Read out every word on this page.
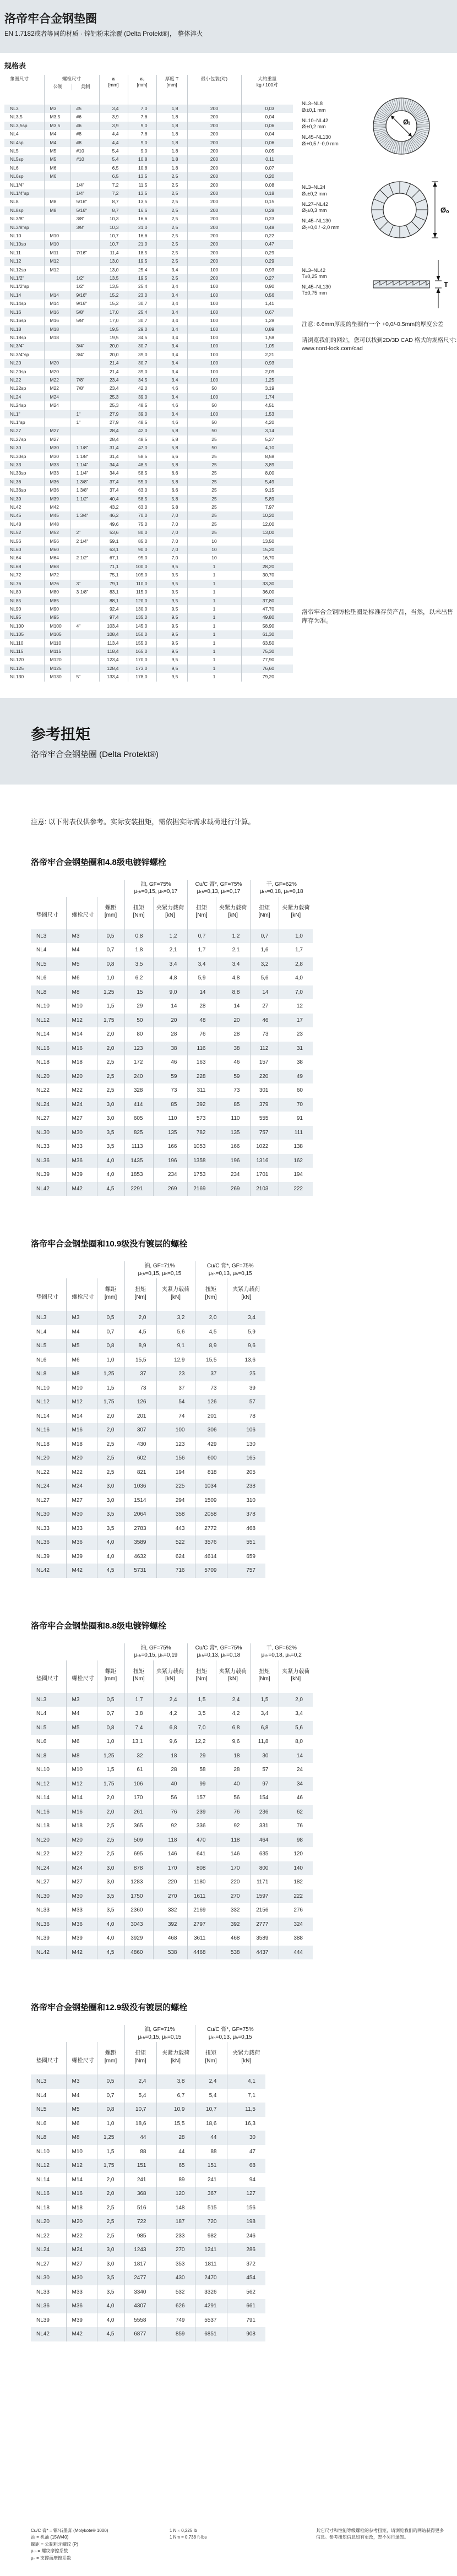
洛帝牢合金钢垫圈
EN 1.7182或者等同的材质 · 锌铝粉末涂覆 (Delta Protekt®)， 整体淬火
规格表
垫圈尺寸	螺栓尺寸
公制	美制

øᵢ
[mm]

øₒ
[mm]

厚度 T
[mm]
	最小包装(对)	大约重量
kg / 100对

NL3	M3	#5	3,4	7,0	1,8	200	0,03
NL3,5	M3,5	#6	3,9	7,6	1,8	200	0,04
NL3,5sp	M3,5	#6	3,9	9,0	1,8	200	0,06
NL4	M4	#8	4,4	7,6	1,8	200	0,04
NL4sp	M4	#8	4,4	9,0	1,8	200	0,06
NL5	M5	#10	5,4	9,0	1,8	200	0,05
NL5sp	M5	#10	5,4	10,8	1,8	200	0,11
NL6	M6		6,5	10,8	1,8	200	0,07
NL6sp	M6		6,5	13,5	2,5	200	0,20
NL1/4"		1/4"	7,2	11,5	2,5	200	0,08
NL1/4"sp		1/4"	7,2	13,5	2,5	200	0,18
NL8	M8	5/16"	8,7	13,5	2,5	200	0,15
NL8sp	M8	5/16"	8,7	16,6	2,5	200	0,28
NL3/8"		3/8"	10,3	16,6	2,5	200	0,23
NL3/8"sp		3/8"	10,3	21,0	2,5	200	0,48
NL10	M10		10,7	16,6	2,5	200	0,22
NL10sp	M10		10,7	21,0	2,5	200	0,47
NL11	M11	7/16"	11,4	18,5	2,5	200	0,29
NL12	M12		13,0	19,5	2,5	200	0,29
NL12sp	M12		13,0	25,4	3,4	100	0,93
NL1/2"		1/2"	13,5	19,5	2,5	200	0,27
NL1/2"sp		1/2"	13,5	25,4	3,4	100	0,90
NL14	M14	9/16"	15,2	23,0	3,4	100	0,56
NL14sp	M14	9/16"	15,2	30,7	3,4	100	1,41
NL16	M16	5/8"	17,0	25,4	3,4	100	0,67
NL16sp	M16	5/8"	17,0	30,7	3,4	100	1,28
NL18	M18		19,5	29,0	3,4	100	0,89
NL18sp	M18		19,5	34,5	3,4	100	1,58
NL3/4"		3/4"	20,0	30,7	3,4	100	1,05
NL3/4"sp		3/4"	20,0	39,0	3,4	100	2,21
NL20	M20		21,4	30,7	3,4	100	0,93
NL20sp	M20		21,4	39,0	3,4	100	2,09
NL22	M22	7/8"	23,4	34,5	3,4	100	1,25
NL22sp	M22	7/8"	23,4	42,0	4,6	50	3,19
NL24	M24		25,3	39,0	3,4	100	1,74
NL24sp	M24		25,3	48,5	4,6	50	4,51
NL1"		1"	27,9	39,0	3,4	100	1,53
NL1"sp		1"	27,9	48,5	4,6	50	4,20
NL27	M27		28,4	42,0	5,8	50	3,14
NL27sp	M27		28,4	48,5	5,8	25	5,27
NL30	M30	1 1/8"	31,4	47,0	5,8	50	4,10
NL30sp	M30	1 1/8"	31,4	58,5	6,6	25	8,58
NL33	M33	1 1/4"	34,4	48,5	5,8	25	3,89
NL33sp	M33	1 1/4"	34,4	58,5	6,6	25	8,00
NL36	M36	1 3/8"	37,4	55,0	5,8	25	5,49
NL36sp	M36	1 3/8"	37,4	63,0	6,6	25	9,15
NL39	M39	1 1/2"	40,4	58,5	5,8	25	5,89
NL42	M42		43,2	63,0	5,8	25	7,97
NL45	M45	1 3/4"	46,2	70,0	7,0	25	10,20
NL48	M48		49,6	75,0	7,0	25	12,00
NL52	M52	2"	53,6	80,0	7,0	25	13,00
NL56	M56	2 1/4"	59,1	85,0	7,0	10	13,50
NL60	M60		63,1	90,0	7,0	10	15,20
NL64	M64	2 1/2"	67,1	95,0	7,0	10	16,70
NL68	M68		71,1	100,0	9,5	1	28,20
NL72	M72		75,1	105,0	9,5	1	30,70
NL76	M76	3"	79,1	110,0	9,5	1	33,30
NL80	M80	3 1/8"	83,1	115,0	9,5	1	36,00
NL85	M85		88,1	120,0	9,5	1	37,80
NL90	M90		92,4	130,0	9,5	1	47,70
NL95	M95		97,4	135,0	9,5	1	49,80
NL100	M100	4"	103,4	145,0	9,5	1	58,90
NL105	M105		108,4	150,0	9,5	1	61,30
NL110	M110		113,4	155,0	9,5	1	63,50
NL115	M115		118,4	165,0	9,5	1	75,30
NL120	M120		123,4	170,0	9,5	1	77,90
NL125	M125		128,4	173,0	9,5	1	76,60
NL130	M130	5"	133,4	178,0	9,5	1	79,20
NL3–NL8
Øᵢ±0,1 mm
NL10–NL42
Øᵢ±0,2 mm
NL45–NL130
Øᵢ+0,5 / -0,0 mm
Øᵢ
NL3–NL24
Øₒ±0,2 mm
NL27–NL42
Øₒ±0,3 mm
NL45–NL130
Øₒ+0,0 / -2,0 mm
Øₒ
NL3–NL42
T±0,25 mm
NL45–NL130
T±0,75 mm
T
注意: 6.6mm厚度的垫圈有一个 +0,0/-0.5mm的厚度公差
请浏览我们的网站，您可以找到2D/3D CAD 格式的规格尺寸: www.nord-lock.com/cad
洛帝牢合金钢防松垫圈是标准存货产品，当然，以未出售库存为准。
参考扭矩
洛帝牢合金钢垫圈 (Delta Protekt®)
注意: 以下附表仅供参考。实际安装扭矩，需依据实际需求载荷进行计算。
洛帝牢合金钢垫圈和4.8级电镀锌螺栓

油, GF=75%
μₜₕ=0,15, μₕ=0,17

Cu/C 膏*, GF=75%
μₜₕ=0,13, μₕ=0,17

干, GF=62%
μₜₕ=0,18, μₕ=0,18

垫圈尺寸	螺栓尺寸

螺距
[mm]

扭矩
[Nm]

夹紧力载荷
[kN]

扭矩
[Nm]

夹紧力载荷
[kN]

扭矩
[Nm]

夹紧力载荷
[kN]

NL3	M3	0,5	0,8	1,2	0,7	1,2	0,7	1,0
NL4	M4	0,7	1,8	2,1	1,7	2,1	1,6	1,7
NL5	M5	0,8	3,5	3,4	3,4	3,4	3,2	2,8
NL6	M6	1,0	6,2	4,8	5,9	4,8	5,6	4,0
NL8	M8	1,25	15	9,0	14	8,8	14	7,0
NL10	M10	1,5	29	14	28	14	27	12
NL12	M12	1,75	50	20	48	20	46	17
NL14	M14	2,0	80	28	76	28	73	23
NL16	M16	2,0	123	38	116	38	112	31
NL18	M18	2,5	172	46	163	46	157	38
NL20	M20	2,5	240	59	228	59	220	49
NL22	M22	2,5	328	73	311	73	301	60
NL24	M24	3,0	414	85	392	85	379	70
NL27	M27	3,0	605	110	573	110	555	91
NL30	M30	3,5	825	135	782	135	757	111
NL33	M33	3,5	1113	166	1053	166	1022	138
NL36	M36	4,0	1435	196	1358	196	1316	162
NL39	M39	4,0	1853	234	1753	234	1701	194
NL42	M42	4,5	2291	269	2169	269	2103	222
洛帝牢合金钢垫圈和10.9级没有镀层的螺栓

油, GF=71%
μₜₕ=0,15, μₕ=0,15

Cu/C 膏*, GF=75%
μₜₕ=0,13, μₕ=0,15

垫圈尺寸	螺栓尺寸

螺距
[mm]

扭矩
[Nm]

夹紧力载荷
[kN]

扭矩
[Nm]

夹紧力载荷
[kN]

NL3	M3	0,5	2,0	3,2	2,0	3,4
NL4	M4	0,7	4,5	5,6	4,5	5,9
NL5	M5	0,8	8,9	9,1	8,9	9,6
NL6	M6	1,0	15,5	12,9	15,5	13,6
NL8	M8	1,25	37	23	37	25
NL10	M10	1,5	73	37	73	39
NL12	M12	1,75	126	54	126	57
NL14	M14	2,0	201	74	201	78
NL16	M16	2,0	307	100	306	106
NL18	M18	2,5	430	123	429	130
NL20	M20	2,5	602	156	600	165
NL22	M22	2,5	821	194	818	205
NL24	M24	3,0	1036	225	1034	238
NL27	M27	3,0	1514	294	1509	310
NL30	M30	3,5	2064	358	2058	378
NL33	M33	3,5	2783	443	2772	468
NL36	M36	4,0	3589	522	3576	551
NL39	M39	4,0	4632	624	4614	659
NL42	M42	4,5	5731	716	5709	757
洛帝牢合金钢垫圈和8.8级电镀锌螺栓

油, GF=75%
μₜₕ=0,15, μₕ=0,19

Cu/C 膏*, GF=75%
μₜₕ=0,13, μₕ=0,18

干, GF=62%
μₜₕ=0,18, μₕ=0,2

垫圈尺寸	螺栓尺寸

螺距
[mm]

扭矩
[Nm]

夹紧力载荷
[kN]

扭矩
[Nm]

夹紧力载荷
[kN]

扭矩
[Nm]

夹紧力载荷
[kN]

NL3	M3	0,5	1,7	2,4	1,5	2,4	1,5	2,0
NL4	M4	0,7	3,8	4,2	3,5	4,2	3,4	3,4
NL5	M5	0,8	7,4	6,8	7,0	6,8	6,8	5,6
NL6	M6	1,0	13,1	9,6	12,2	9,6	11,8	8,0
NL8	M8	1,25	32	18	29	18	30	14
NL10	M10	1,5	61	28	58	28	57	24
NL12	M12	1,75	106	40	99	40	97	34
NL14	M14	2,0	170	56	157	56	154	46
NL16	M16	2,0	261	76	239	76	236	62
NL18	M18	2,5	365	92	336	92	331	76
NL20	M20	2,5	509	118	470	118	464	98
NL22	M22	2,5	695	146	641	146	635	120
NL24	M24	3,0	878	170	808	170	800	140
NL27	M27	3,0	1283	220	1180	220	1171	182
NL30	M30	3,5	1750	270	1611	270	1597	222
NL33	M33	3,5	2360	332	2169	332	2156	276
NL36	M36	4,0	3043	392	2797	392	2777	324
NL39	M39	4,0	3929	468	3611	468	3589	388
NL42	M42	4,5	4860	538	4468	538	4437	444
洛帝牢合金钢垫圈和12.9级没有镀层的螺栓

油, GF=71%
μₜₕ=0,15, μₕ=0,15

Cu/C 膏*, GF=75%
μₜₕ=0,13, μₕ=0,15

垫圈尺寸	螺栓尺寸

螺距
[mm]

扭矩
[Nm]

夹紧力载荷
[kN]

扭矩
[Nm]

夹紧力载荷
[kN]

NL3	M3	0,5	2,4	3,8	2,4	4,1
NL4	M4	0,7	5,4	6,7	5,4	7,1
NL5	M5	0,8	10,7	10,9	10,7	11,5
NL6	M6	1,0	18,6	15,5	18,6	16,3
NL8	M8	1,25	44	28	44	30
NL10	M10	1,5	88	44	88	47
NL12	M12	1,75	151	65	151	68
NL14	M14	2,0	241	89	241	94
NL16	M16	2,0	368	120	367	127
NL18	M18	2,5	516	148	515	156
NL20	M20	2,5	722	187	720	198
NL22	M22	2,5	985	233	982	246
NL24	M24	3,0	1243	270	1241	286
NL27	M27	3,0	1817	353	1811	372
NL30	M30	3,5	2477	430	2470	454
NL33	M33	3,5	3340	532	3326	562
NL36	M36	4,0	4307	626	4291	661
NL39	M39	4,0	5558	749	5537	791
NL42	M42	4,5	6877	859	6851	908
Cu/C 膏* = 铜/石墨膏 (Molykote® 1000)
油 = 机油 (15W/40)
螺距 = 公制粗牙螺纹 (P)
μₜₕ = 螺纹摩擦系数
μₕ = 支撑面摩擦系数
1 N ≈ 0,225 lb
1 Nm ≈ 0,738 ft·lbs
其它尺寸和性能等级螺栓的参考扭矩，请浏览我们的网站获得更多信息。参考扭矩信息如有更改，恕不另行通知。
